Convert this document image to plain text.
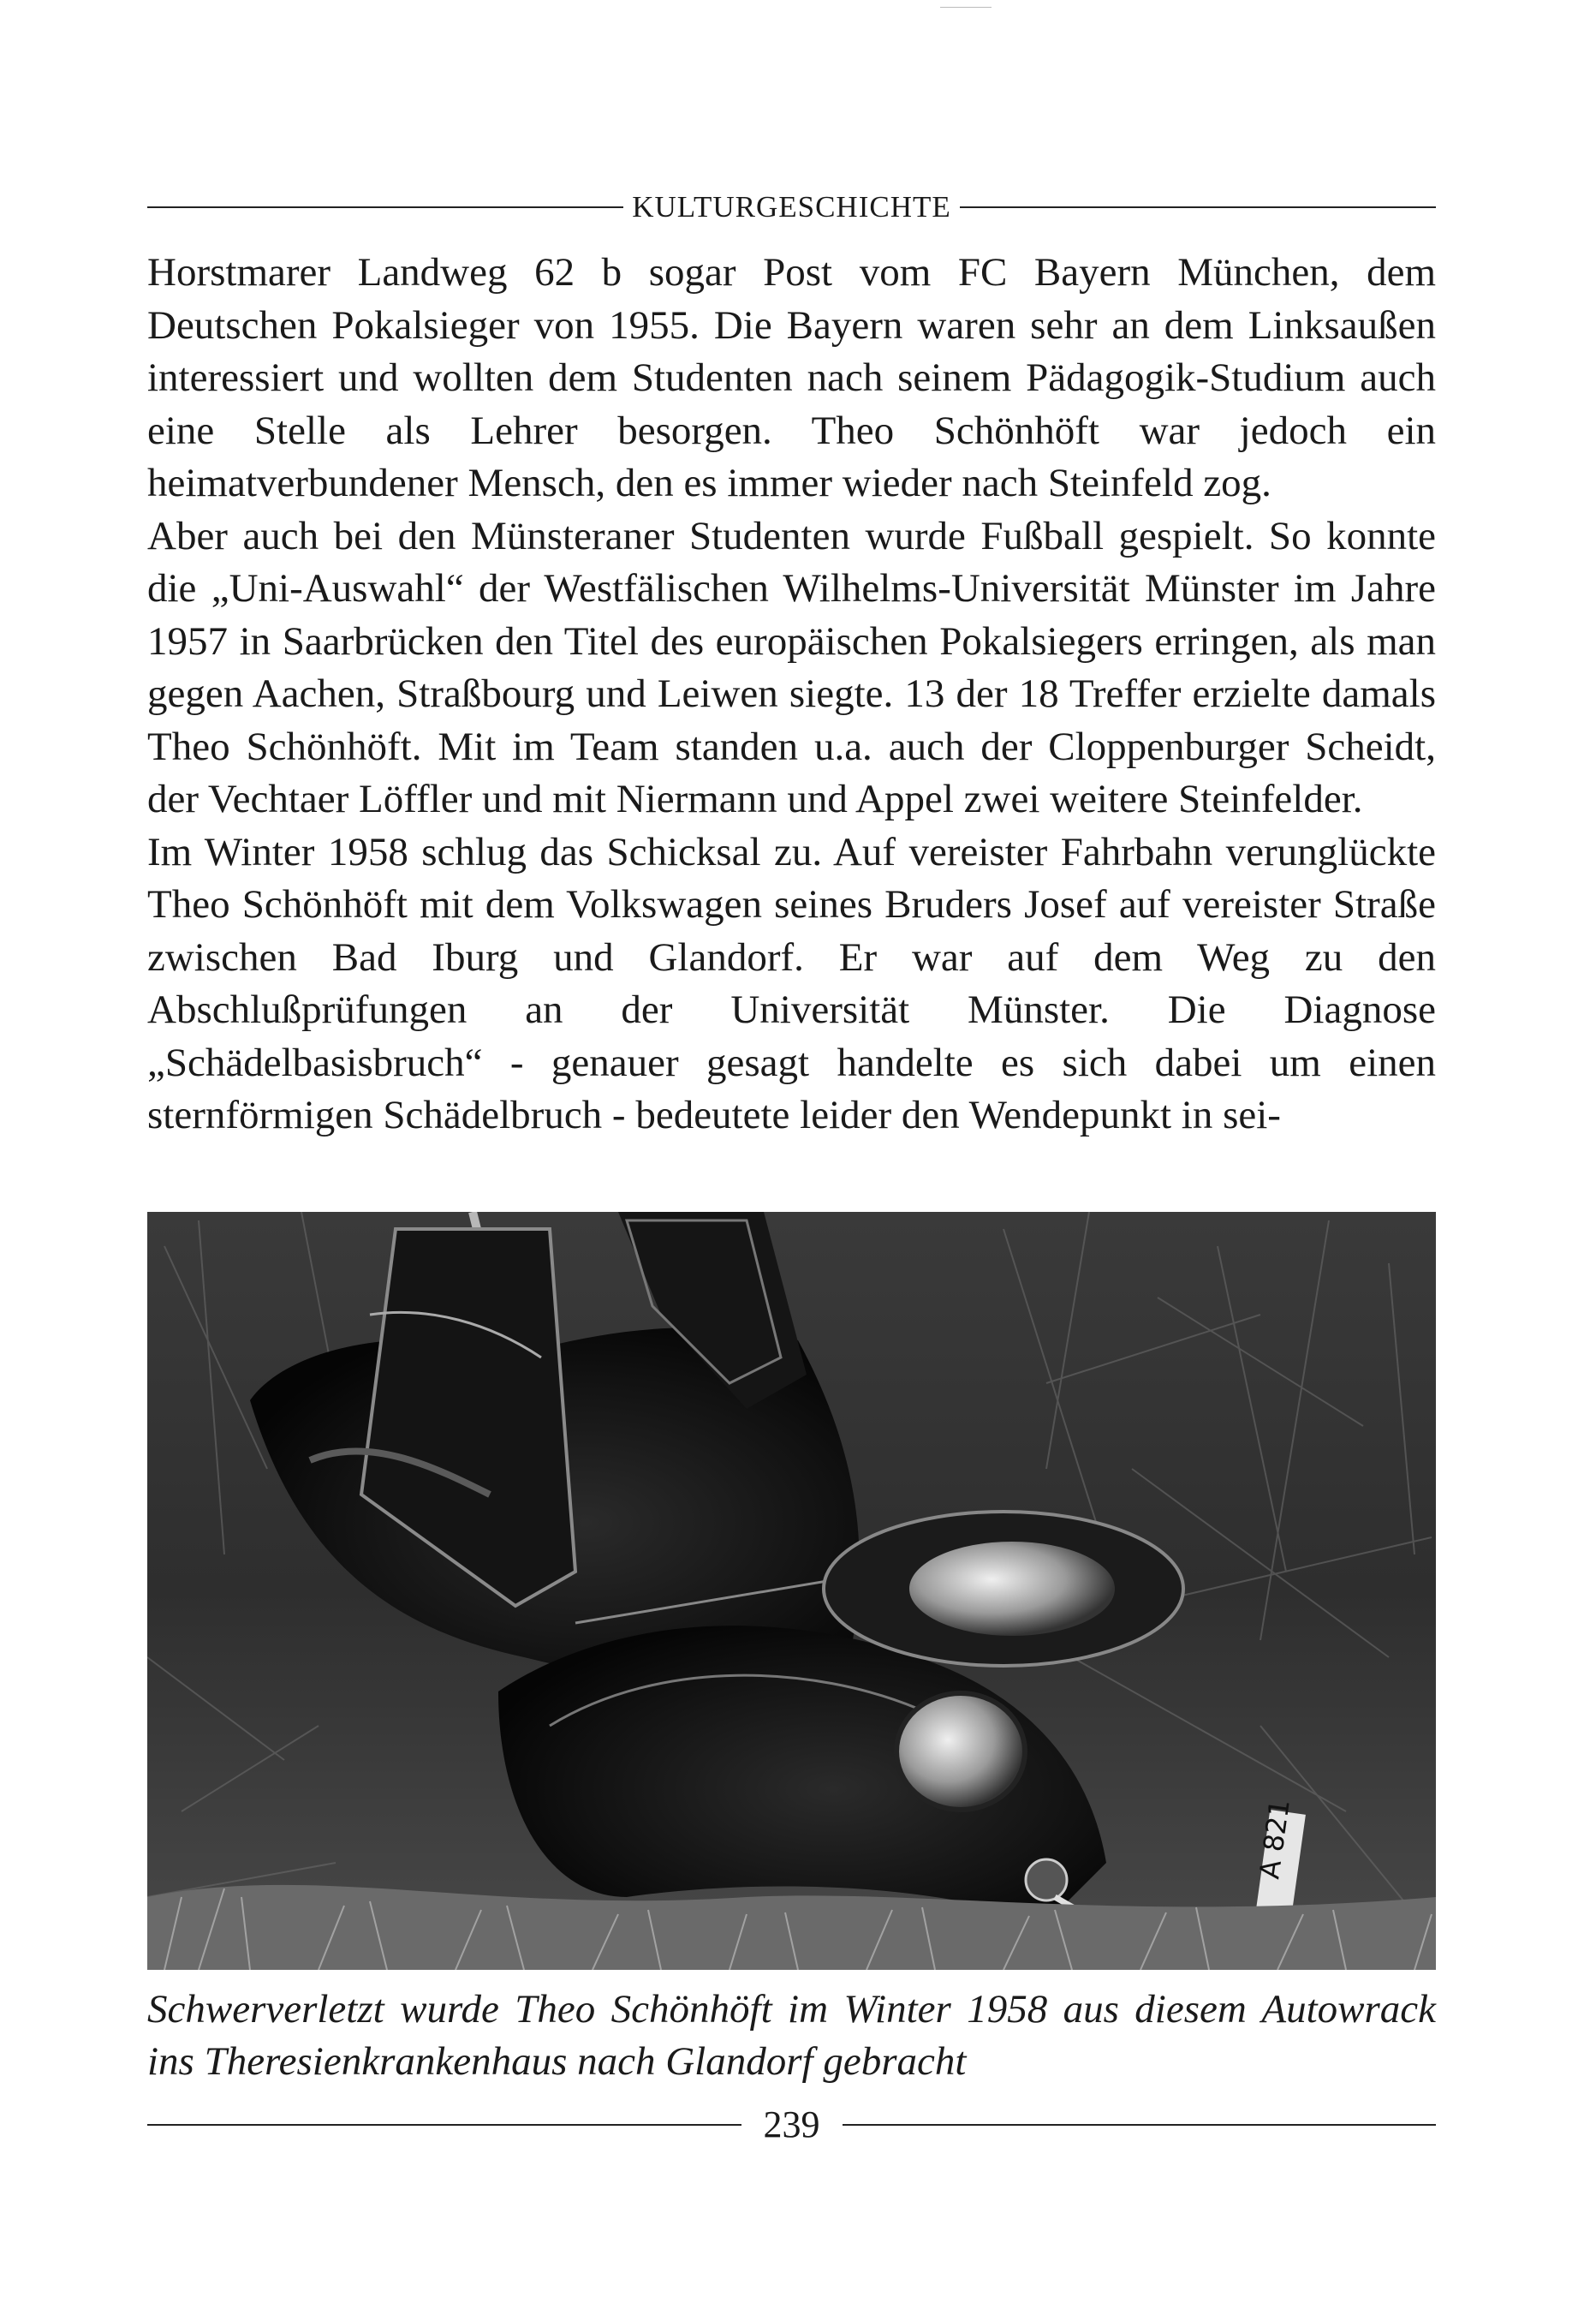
KULTURGESCHICHTE

Horstmarer Landweg 62 b sogar Post vom FC Bayern München, dem Deutschen Pokalsieger von 1955. Die Bayern waren sehr an dem Linksaußen interessiert und wollten dem Studenten nach seinem Pädagogik-Studium auch eine Stelle als Lehrer besorgen. Theo Schönhöft war jedoch ein heimatverbundener Mensch, den es immer wieder nach Steinfeld zog.

Aber auch bei den Münsteraner Studenten wurde Fußball gespielt. So konnte die „Uni-Auswahl“ der Westfälischen Wilhelms-Universität Münster im Jahre 1957 in Saarbrücken den Titel des europäischen Pokalsiegers erringen, als man gegen Aachen, Straßbourg und Leiwen siegte. 13 der 18 Treffer erzielte damals Theo Schönhöft. Mit im Team standen u.a. auch der Cloppenburger Scheidt, der Vechtaer Löffler und mit Niermann und Appel zwei weitere Steinfelder.

Im Winter 1958 schlug das Schicksal zu. Auf vereister Fahrbahn verunglückte Theo Schönhöft mit dem Volkswagen seines Bruders Josef auf vereister Straße zwischen Bad Iburg und Glandorf. Er war auf dem Weg zu den Abschlußprüfungen an der Universität Münster. Die Diagnose „Schädelbasisbruch“ - genauer gesagt handelte es sich dabei um einen sternförmigen Schädelbruch - bedeutete leider den Wendepunkt in sei-

A 821
Schwerverletzt wurde Theo Schönhöft im Winter 1958 aus diesem Autowrack ins Theresienkrankenhaus nach Glandorf gebracht
239
